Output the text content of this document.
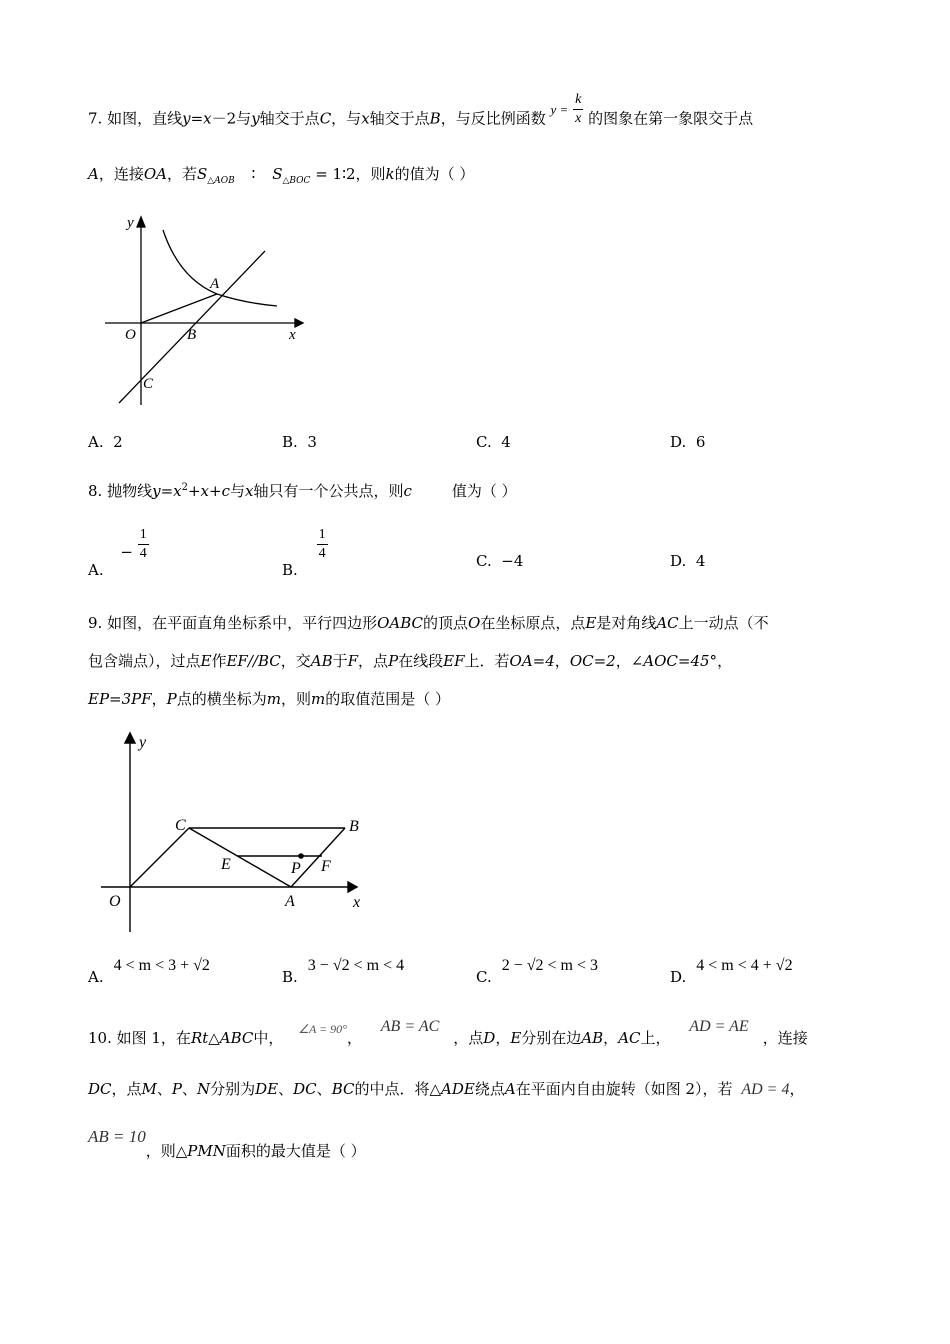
7. 如图，直线y=x－2与y轴交于点C，与x轴交于点B，与反比例函数 $y = \frac{k}{x}$ 的图象在第一象限交于点
A，连接OA，若$S_{\triangle AOB}$ ∶ $S_{\triangle BOC}$ = 1∶2，则k的值为（ ）
y
x
O
A
B
C
A. 2	B. 3	C. 4	D. 6
8. 抛物线$y=x^2+x+c$与x轴只有一个公共点，则c	值为（ ）
A. − $\frac{1}{4}$
B.
$\frac{1}{4}$	C. −4	D. 4
9. 如图，在平面直角坐标系中，平行四边形OABC的顶点O在坐标原点，点E是对角线AC上一动点（不
包含端点），过点E作EF//BC，交AB于F，点P在线段EF上．若OA=4，OC=2，∠AOC=45°，
EP=3PF，P点的横坐标为m，则m的取值范围是（ ）
y
x
O
C	B
E	P F
A
A.4 < m < 3 + √2
B.3 − √2 < m < 4
C.2 − √2 < m < 3
D.4 < m < 4 + √2
10. 如图 1，在Rt△ABC中， $^{\angle A = 90^\circ}$， AB = AC，点D，E分别在边AB，AC上， AD = AE，连接
DC，点M、P、N分别为DE、DC、BC的中点．将△ADE绕点A在平面内自由旋转（如图 2），若 AD = 4，
AB = 10，则△PMN面积的最大值是（ ）
